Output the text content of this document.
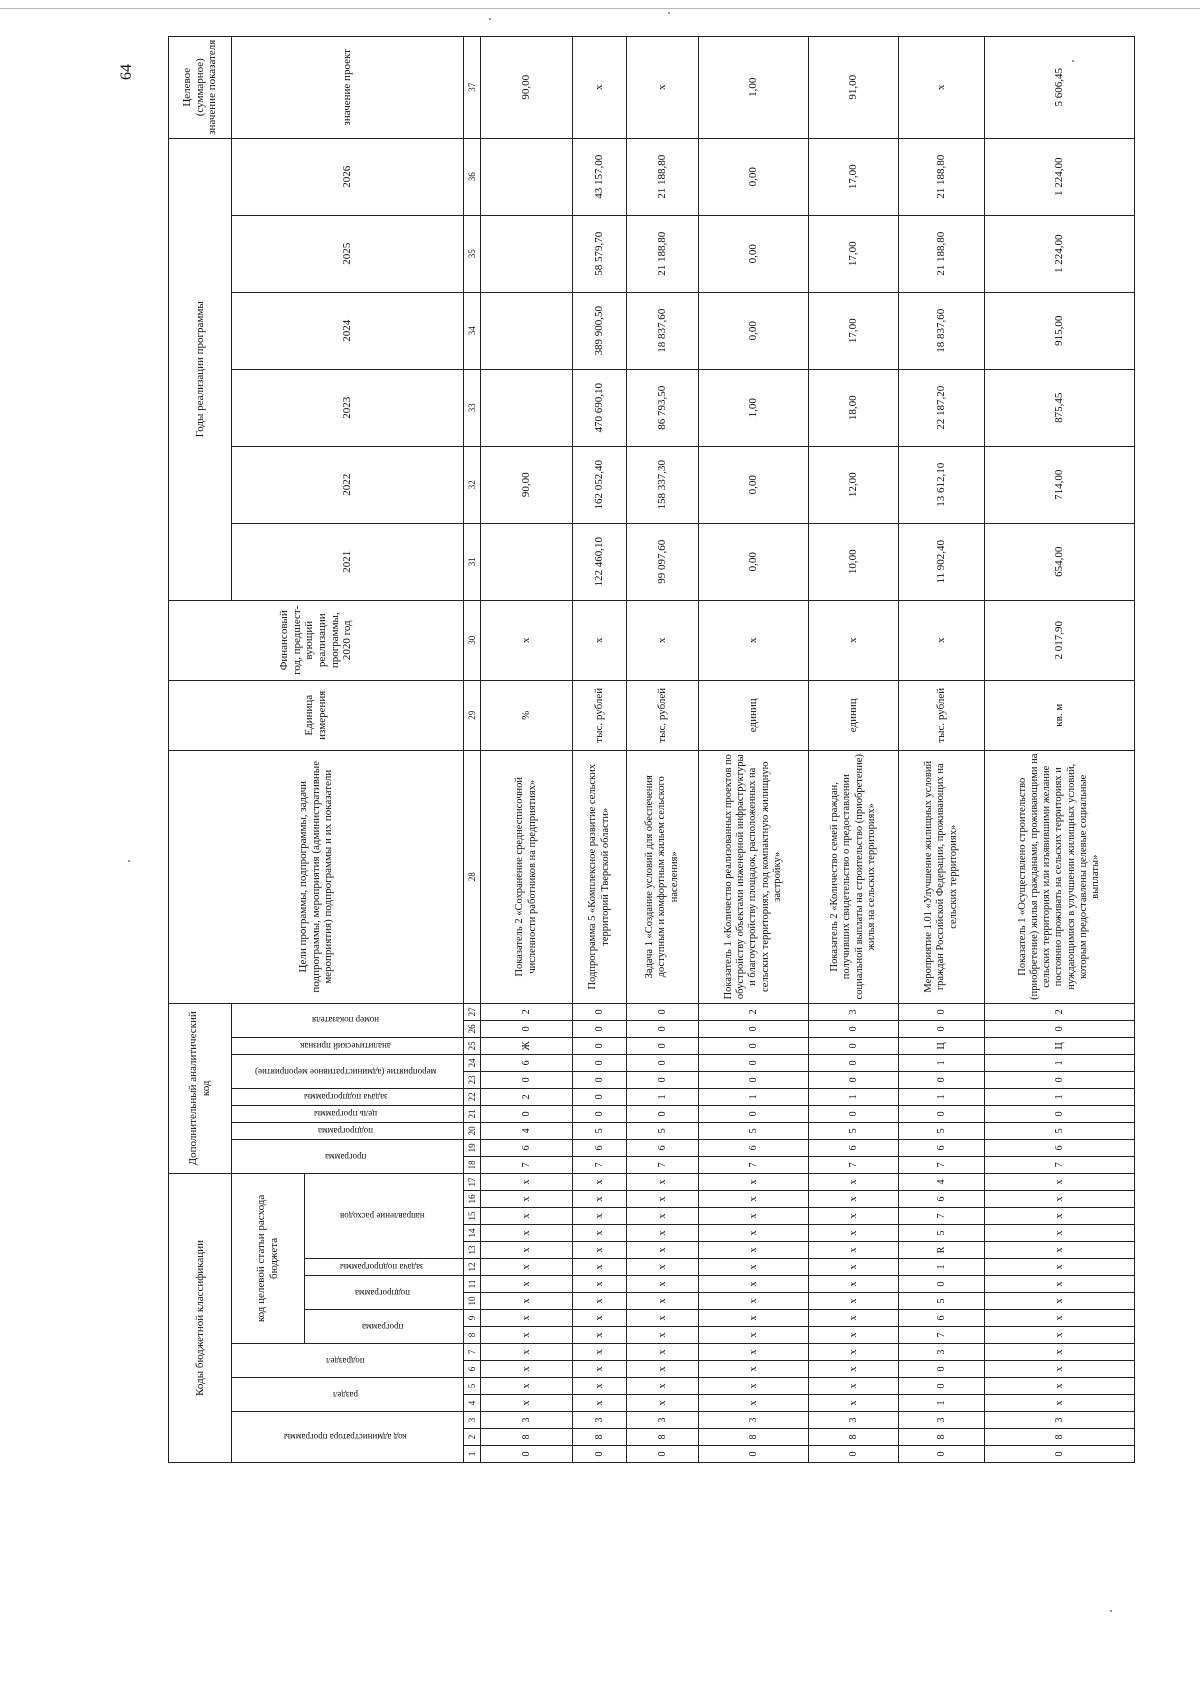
64
Коды бюджетной классификации																	Дополнительный аналитический код										Цели программы, подпрограммы, задачи подпрограммы, мероприятия (административные мероприятия) подпрограммы и их показатели	Единица измерения	Финансовый год, предшест-вующий реализации программы, 2020 год	Годы реализации программы						Целевое (суммарное) значение показателя
код администратора программы			раздел		подраздел		код целевой статьи расхода бюджета										программа		подпрограмма	цель программы	задача подпрограммы	мероприятие (административное мероприятие)		аналитический признак	номер показателя					2021	2022	2023	2024	2025	2026	значение проект
							программа		подпрограмма		задача подпрограммы	направление расходов																								
1	2	3	4	5	6	7	8	9	10	11	12	13	14	15	16	17	18	19	20	21	22	23	24	25	26	27	28	29	30	31	32	33	34	35	36	37
0	8	3	х	х	х	х	х	х	х	х	х	х	х	х	х	х	7	6	4	0	2	0	6	Ж	0	2	Показатель 2 «Сохранение среднесписочной численности работников на предприятиях»	%	х		90,00					90,00
0	8	3	х	х	х	х	х	х	х	х	х	х	х	х	х	х	7	6	5	0	0	0	0	0	0	0	Подпрограмма 5 «Комплексное развитие сельских территорий Тверской области»	тыс. рублей	х	122 460,10	162 052,40	470 690,10	389 900,50	58 579,70	43 157,00	х
0	8	3	х	х	х	х	х	х	х	х	х	х	х	х	х	х	7	6	5	0	1	0	0	0	0	0	Задача 1 «Создание условий для обеспечения доступным и комфортным жильем сельского населения»	тыс. рублей	х	99 097,60	158 337,30	86 793,50	18 837,60	21 188,80	21 188,80	х
0	8	3	х	х	х	х	х	х	х	х	х	х	х	х	х	х	7	6	5	0	1	0	0	0	0	2	Показатель 1 «Количество реализованных проектов по обустройству объектами инженерной инфраструктуры и благоустройству площадок, расположенных на сельских территориях, под компактную жилищную застройку»	единиц	х	0,00	0,00	1,00	0,00	0,00	0,00	1,00
0	8	3	х	х	х	х	х	х	х	х	х	х	х	х	х	х	7	6	5	0	1	0	0	0	0	3	Показатель 2 «Количество семей граждан, получивших свидетельство о предоставлении социальной выплаты на строительство (приобретение) жилья на сельских территориях»	единиц	х	10,00	12,00	18,00	17,00	17,00	17,00	91,00
0	8	3	1	0	0	3	7	6	5	0	1	R	5	7	6	4	7	6	5	0	1	0	1	Ц	0	0	Мероприятие 1.01 «Улучшение жилищных условий граждан Российской Федерации, проживающих на сельских территориях»	тыс. рублей	х	11 902,40	13 612,10	22 187,20	18 837,60	21 188,80	21 188,80	х
0	8	3	х	х	х	х	х	х	х	х	х	х	х	х	х	х	7	6	5	0	1	0	1	Ц	0	2	Показатель 1 «Осуществлено строительство (приобретение) жилья гражданами, проживающими на сельских территориях или изъявившими желание постоянно проживать на сельских территориях и нуждающимися в улучшении жилищных условий, которым предоставлены целевые социальные выплаты»	кв. м	2 017,90	654,00	714,00	875,45	915,00	1 224,00	1 224,00	5 606,45
